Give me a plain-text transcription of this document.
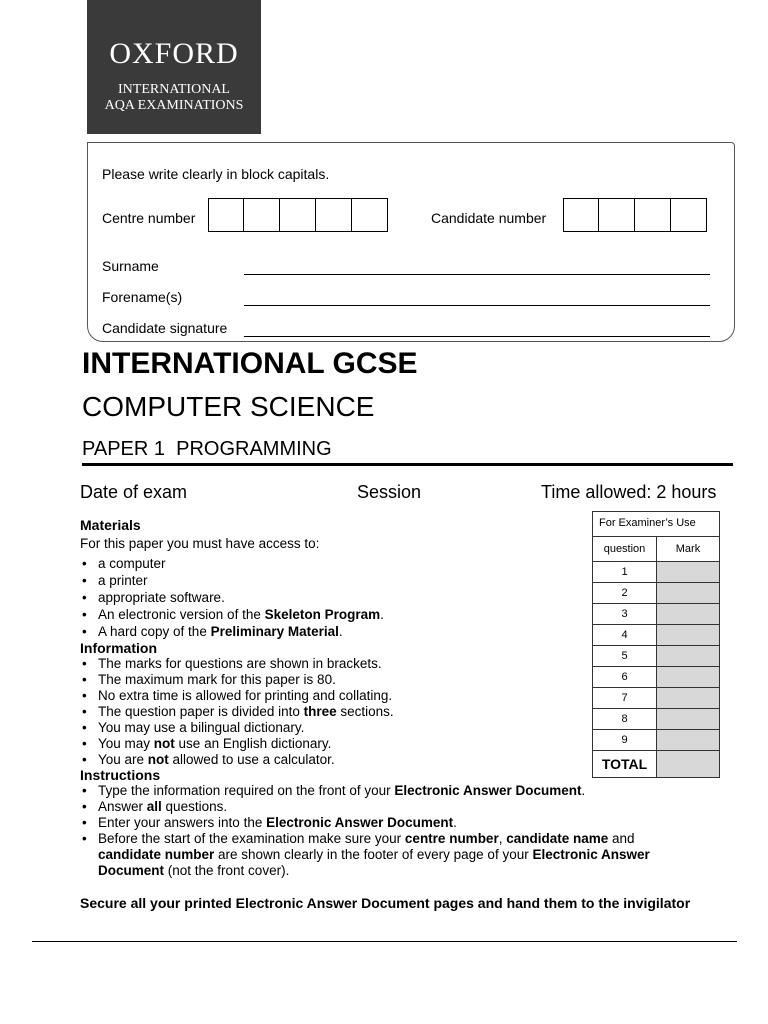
OXFORD
INTERNATIONAL
AQA EXAMINATIONS
Please write clearly in block capitals.
Centre number	Candidate number
Surname
Forename(s)
Candidate signature
INTERNATIONAL GCSE
COMPUTER SCIENCE
PAPER 1  PROGRAMMING
Date of exam	Session	Time allowed: 2 hours
Materials
For this paper you must have access to:
• a computer
• a printer
• appropriate software.
• An electronic version of the Skeleton Program.
• A hard copy of the Preliminary Material.
Information
• The marks for questions are shown in brackets.
• The maximum mark for this paper is 80.
• No extra time is allowed for printing and collating.
• The question paper is divided into three sections.
• You may use a bilingual dictionary.
• You may not use an English dictionary.
• You are not allowed to use a calculator.
Instructions
• Type the information required on the front of your Electronic Answer Document.
• Answer all questions.
• Enter your answers into the Electronic Answer Document.
• Before the start of the examination make sure your centre number, candidate name and candidate number are shown clearly in the footer of every page of your Electronic Answer Document (not the front cover).
Secure all your printed Electronic Answer Document pages and hand them to the invigilator
For Examiner’s Use
question	Mark
1
2
3
4
5
6
7
8
9
TOTAL
